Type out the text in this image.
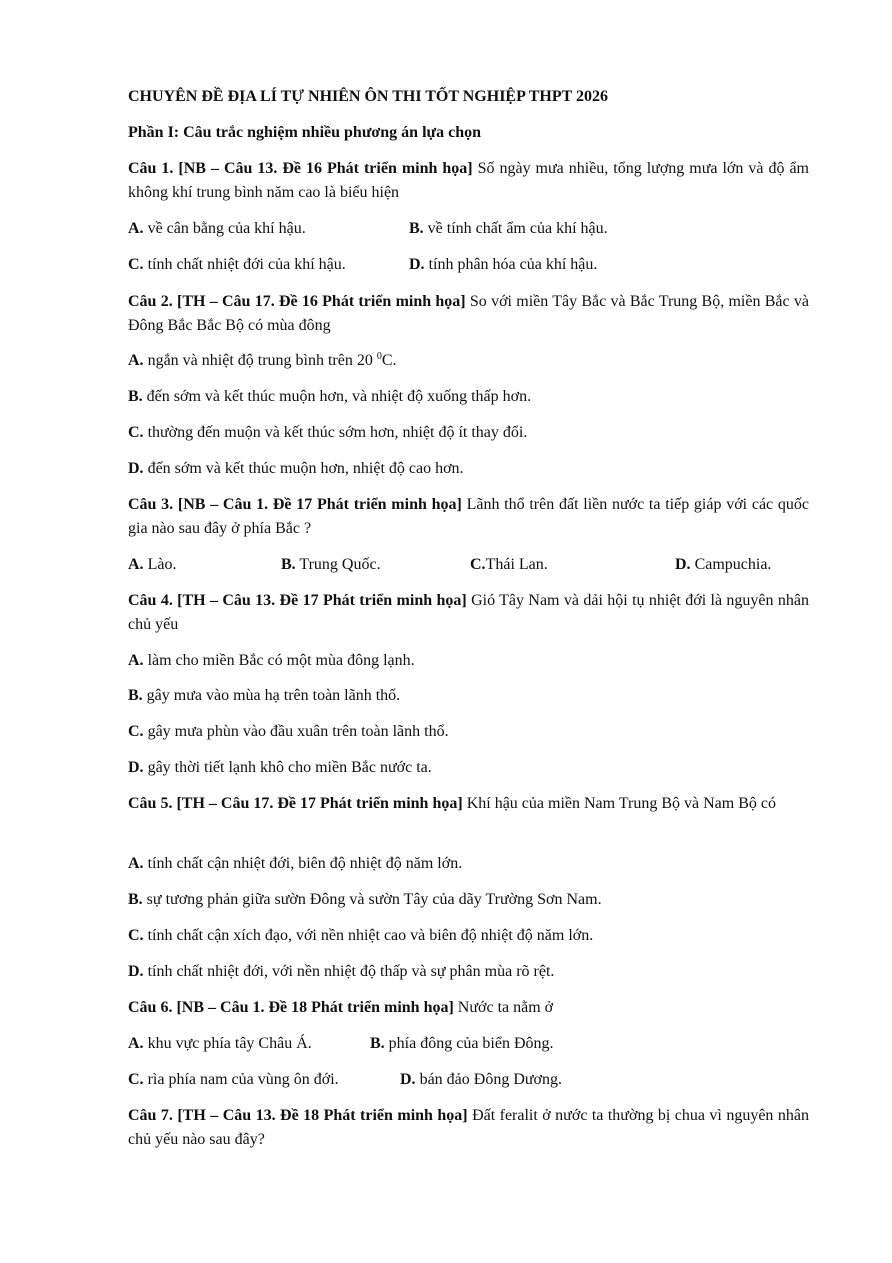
CHUYÊN ĐỀ ĐỊA LÍ TỰ NHIÊN ÔN THI TỐT NGHIỆP THPT 2026
Phần I: Câu trắc nghiệm nhiều phương án lựa chọn
Câu 1. [NB – Câu 13. Đề 16 Phát triển minh họa] Số ngày mưa nhiều, tổng lượng mưa lớn và độ ẩm không khí trung bình năm cao là biểu hiện
A. về cân bằng của khí hậu.	B. về tính chất ẩm của khí hậu.
C. tính chất nhiệt đới của khí hậu.	D. tính phân hóa của khí hậu.
Câu 2. [TH – Câu 17. Đề 16 Phát triển minh họa] So với miền Tây Bắc và Bắc Trung Bộ, miền Bắc và Đông Bắc Bắc Bộ có mùa đông
A. ngắn và nhiệt độ trung bình trên 20 $^0$C.
B. đến sớm và kết thúc muộn hơn, và nhiệt độ xuống thấp hơn.
C. thường đến muộn và kết thúc sớm hơn, nhiệt độ ít thay đổi.
D. đến sớm và kết thúc muộn hơn, nhiệt độ cao hơn.
Câu 3. [NB – Câu 1. Đề 17 Phát triển minh họa] Lãnh thổ trên đất liền nước ta tiếp giáp với các quốc gia nào sau đây ở phía Bắc ?
A. Lào.	B. Trung Quốc.	C.Thái Lan.	D. Campuchia.
Câu 4. [TH – Câu 13. Đề 17 Phát triển minh họa] Gió Tây Nam và dải hội tụ nhiệt đới là nguyên nhân chủ yếu
A. làm cho miền Bắc có một mùa đông lạnh.
B. gây mưa vào mùa hạ trên toàn lãnh thổ.
C. gây mưa phùn vào đầu xuân trên toàn lãnh thổ.
D. gây thời tiết lạnh khô cho miền Bắc nước ta.
Câu 5. [TH – Câu 17. Đề 17 Phát triển minh họa] Khí hậu của miền Nam Trung Bộ và Nam Bộ có
A. tính chất cận nhiệt đới, biên độ nhiệt độ năm lớn.
B. sự tương phản giữa sườn Đông và sườn Tây của dãy Trường Sơn Nam.
C. tính chất cận xích đạo, với nền nhiệt cao và biên độ nhiệt độ năm lớn.
D. tính chất nhiệt đới, với nền nhiệt độ thấp và sự phân mùa rõ rệt.
Câu 6. [NB – Câu 1. Đề 18 Phát triển minh họa] Nước ta nằm ở
A. khu vực phía tây Châu Á.	B. phía đông của biển Đông.
C. rìa phía nam của vùng ôn đới.	D. bán đảo Đông Dương.
Câu 7. [TH – Câu 13. Đề 18 Phát triển minh họa] Đất feralit ở nước ta thường bị chua vì nguyên nhân chủ yếu nào sau đây?
